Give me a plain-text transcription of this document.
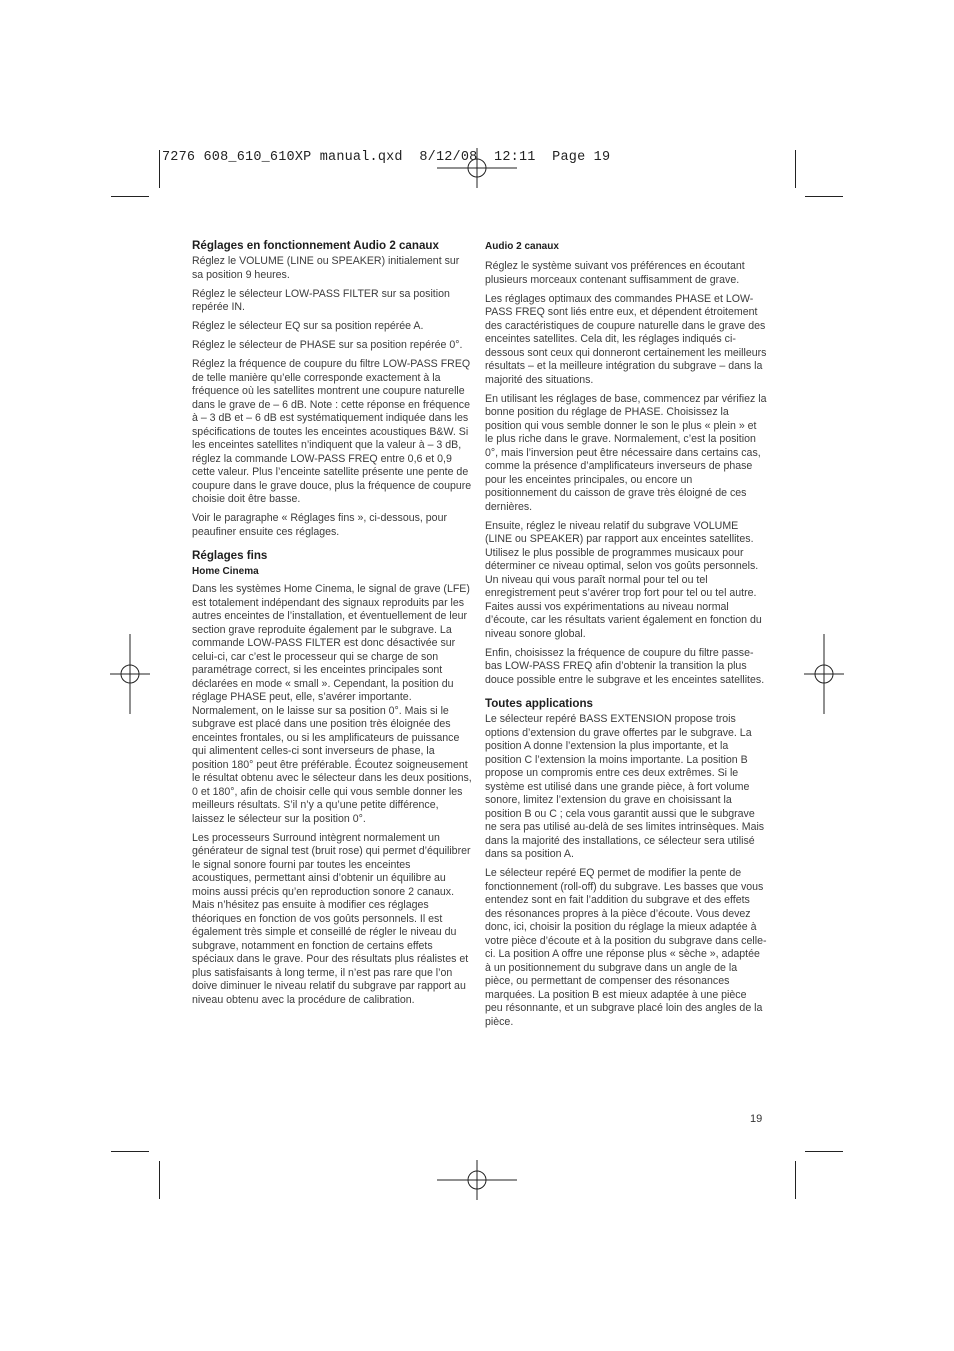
7276 608_610_610XP manual.qxd  8/12/08  12:11  Page 19
Réglages en fonctionnement Audio 2 canaux

Réglez le VOLUME (LINE ou SPEAKER) initialement sur sa position 9 heures.

Réglez le sélecteur LOW-PASS FILTER sur sa position repérée IN.

Réglez le sélecteur EQ sur sa position repérée A.

Réglez le sélecteur de PHASE sur sa position repérée 0°.

Réglez la fréquence de coupure du filtre LOW-PASS FREQ de telle manière qu’elle corresponde exactement à la fréquence où les satellites montrent une coupure naturelle dans le grave de – 6 dB. Note : cette réponse en fréquence à – 3 dB et – 6 dB est systématiquement indiquée dans les spécifications de toutes les enceintes acoustiques B&W. Si les enceintes satellites n’indiquent que la valeur à – 3 dB, réglez la commande LOW-PASS FREQ entre 0,6 et 0,9 cette valeur. Plus l’enceinte satellite présente une pente de coupure dans le grave douce, plus la fréquence de coupure choisie doit être basse.

Voir le paragraphe « Réglages fins », ci-dessous, pour peaufiner ensuite ces réglages.

Réglages fins
Home Cinema

Dans les systèmes Home Cinema, le signal de grave (LFE) est totalement indépendant des signaux reproduits par les autres enceintes de l’installation, et éventuellement de leur section grave reproduite également par le subgrave. La commande LOW-PASS FILTER est donc désactivée sur celui-ci, car c’est le processeur qui se charge de son paramétrage correct, si les enceintes principales sont déclarées en mode « small ». Cependant, la position du réglage PHASE peut, elle, s’avérer importante. Normalement, on le laisse sur sa position 0°. Mais si le subgrave est placé dans une position très éloignée des enceintes frontales, ou si les amplificateurs de puissance qui alimentent celles-ci sont inverseurs de phase, la position 180° peut être préférable. Écoutez soigneusement le résultat obtenu avec le sélecteur dans les deux positions, 0 et 180°, afin de choisir celle qui vous semble donner les meilleurs résultats. S’il n’y a qu’une petite différence, laissez le sélecteur sur la position 0°.

Les processeurs Surround intègrent normalement un générateur de signal test (bruit rose) qui permet d’équilibrer le signal sonore fourni par toutes les enceintes acoustiques, permettant ainsi d’obtenir un équilibre au moins aussi précis qu’en reproduction sonore 2 canaux. Mais n’hésitez pas ensuite à modifier ces réglages théoriques en fonction de vos goûts personnels. Il est également très simple et conseillé de régler le niveau du subgrave, notamment en fonction de certains effets spéciaux dans le grave. Pour des résultats plus réalistes et plus satisfaisants à long terme, il n’est pas rare que l’on doive diminuer le niveau relatif du subgrave par rapport au niveau obtenu avec la procédure de calibration.

Audio 2 canaux

Réglez le système suivant vos préférences en écoutant plusieurs morceaux contenant suffisamment de grave.

Les réglages optimaux des commandes PHASE et LOW-PASS FREQ sont liés entre eux, et dépendent étroitement des caractéristiques de coupure naturelle dans le grave des enceintes satellites. Cela dit, les réglages indiqués ci-dessous sont ceux qui donneront certainement les meilleurs résultats – et la meilleure intégration du subgrave – dans la majorité des situations.

En utilisant les réglages de base, commencez par vérifiez la bonne position du réglage de PHASE. Choisissez la position qui vous semble donner le son le plus « plein » et le plus riche dans le grave. Normalement, c’est la position 0°, mais l’inversion peut être nécessaire dans certains cas, comme la présence d’amplificateurs inverseurs de phase pour les enceintes principales, ou encore un positionnement du caisson de grave très éloigné de ces dernières.

Ensuite, réglez le niveau relatif du subgrave VOLUME (LINE ou SPEAKER) par rapport aux enceintes satellites. Utilisez le plus possible de programmes musicaux pour déterminer ce niveau optimal, selon vos goûts personnels. Un niveau qui vous paraît normal pour tel ou tel enregistrement peut s’avérer trop fort pour tel ou tel autre. Faites aussi vos expérimentations au niveau normal d’écoute, car les résultats varient également en fonction du niveau sonore global.

Enfin, choisissez la fréquence de coupure du filtre passe-bas LOW-PASS FREQ afin d’obtenir la transition la plus douce possible entre le subgrave et les enceintes satellites.

Toutes applications

Le sélecteur repéré BASS EXTENSION propose trois options d’extension du grave offertes par le subgrave. La position A donne l’extension la plus importante, et la position C l’extension la moins importante. La position B propose un compromis entre ces deux extrêmes. Si le système est utilisé dans une grande pièce, à fort volume sonore, limitez l’extension du grave en choisissant la position B ou C ; cela vous garantit aussi que le subgrave ne sera pas utilisé au-delà de ses limites intrinsèques. Mais dans la majorité des installations, ce sélecteur sera utilisé dans sa position A.

Le sélecteur repéré EQ permet de modifier la pente de fonctionnement (roll-off) du subgrave. Les basses que vous entendez sont en fait l’addition du subgrave et des effets des résonances propres à la pièce d’écoute. Vous devez donc, ici, choisir la position du réglage la mieux adaptée à votre pièce d’écoute et à la position du subgrave dans celle-ci. La position A offre une réponse plus « sèche », adaptée à un positionnement du subgrave dans un angle de la pièce, ou permettant de compenser des résonances marquées. La position B est mieux adaptée à une pièce peu résonnante, et un subgrave placé loin des angles de la pièce.

19
